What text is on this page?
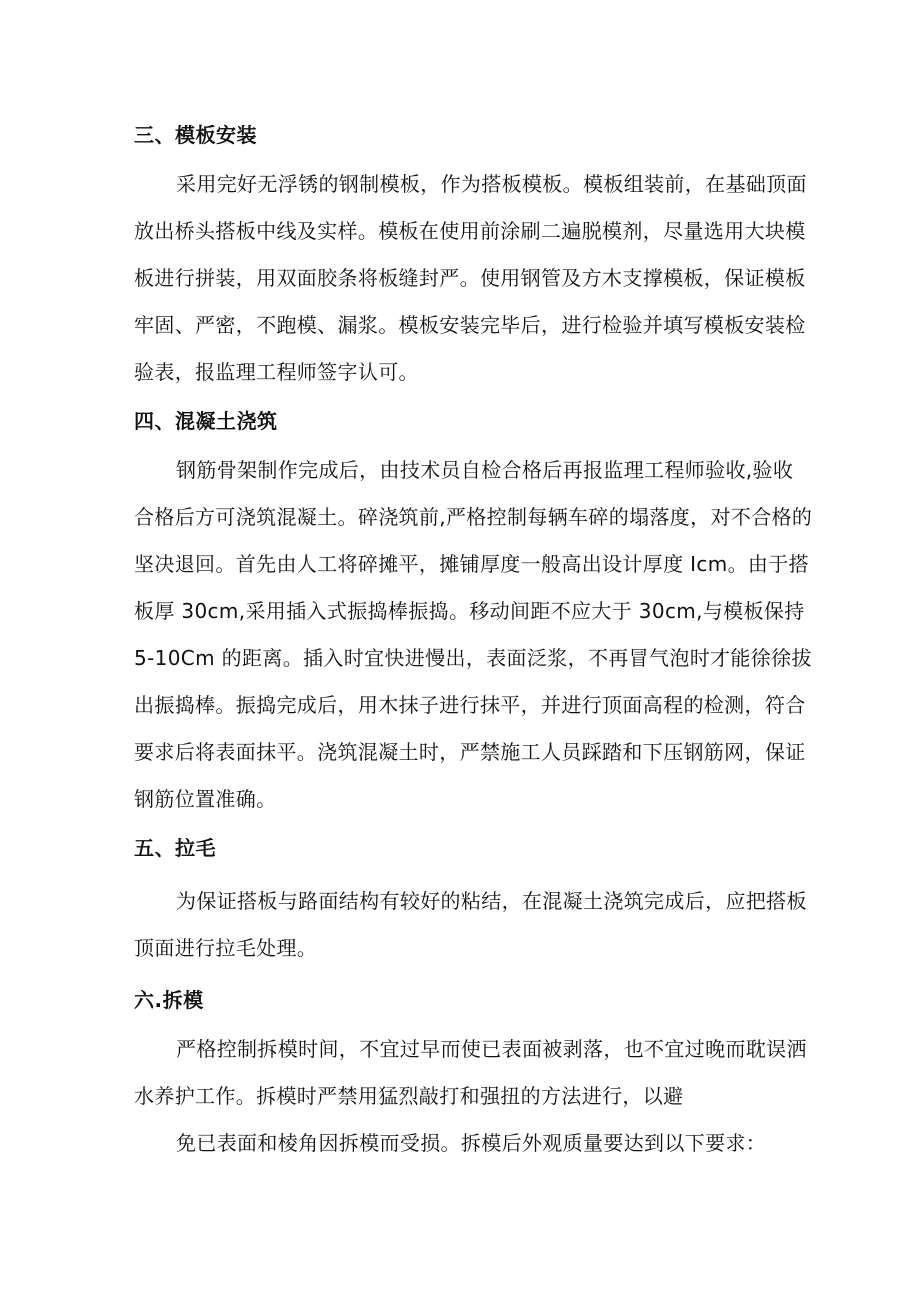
三、模板安装
采用完好无浮锈的钢制模板，作为搭板模板。模板组装前，在基础顶面
放出桥头搭板中线及实样。模板在使用前涂刷二遍脱模剂，尽量选用大块模
板进行拼装，用双面胶条将板缝封严。使用钢管及方木支撑模板，保证模板
牢固、严密，不跑模、漏浆。模板安装完毕后，进行检验并填写模板安装检
验表，报监理工程师签字认可。
四、混凝土浇筑
钢筋骨架制作完成后，由技术员自检合格后再报监理工程师验收,验收
合格后方可浇筑混凝土。碎浇筑前,严格控制每辆车碎的塌落度，对不合格的
坚决退回。首先由人工将碎摊平，摊铺厚度一般高出设计厚度 Icm。由于搭
板厚 30cm,采用插入式振捣棒振捣。移动间距不应大于 30cm,与模板保持
5-10Cm 的距离。插入时宜快进慢出，表面泛浆，不再冒气泡时才能徐徐拔
出振捣棒。振捣完成后，用木抹子进行抹平，并进行顶面高程的检测，符合
要求后将表面抹平。浇筑混凝土时，严禁施工人员踩踏和下压钢筋网，保证
钢筋位置准确。
五、拉毛
为保证搭板与路面结构有较好的粘结，在混凝土浇筑完成后，应把搭板
顶面进行拉毛处理。
六.拆模
严格控制拆模时间，不宜过早而使已表面被剥落，也不宜过晚而耽误洒
水养护工作。拆模时严禁用猛烈敲打和强扭的方法进行，以避
免已表面和棱角因拆模而受损。拆模后外观质量要达到以下要求：
